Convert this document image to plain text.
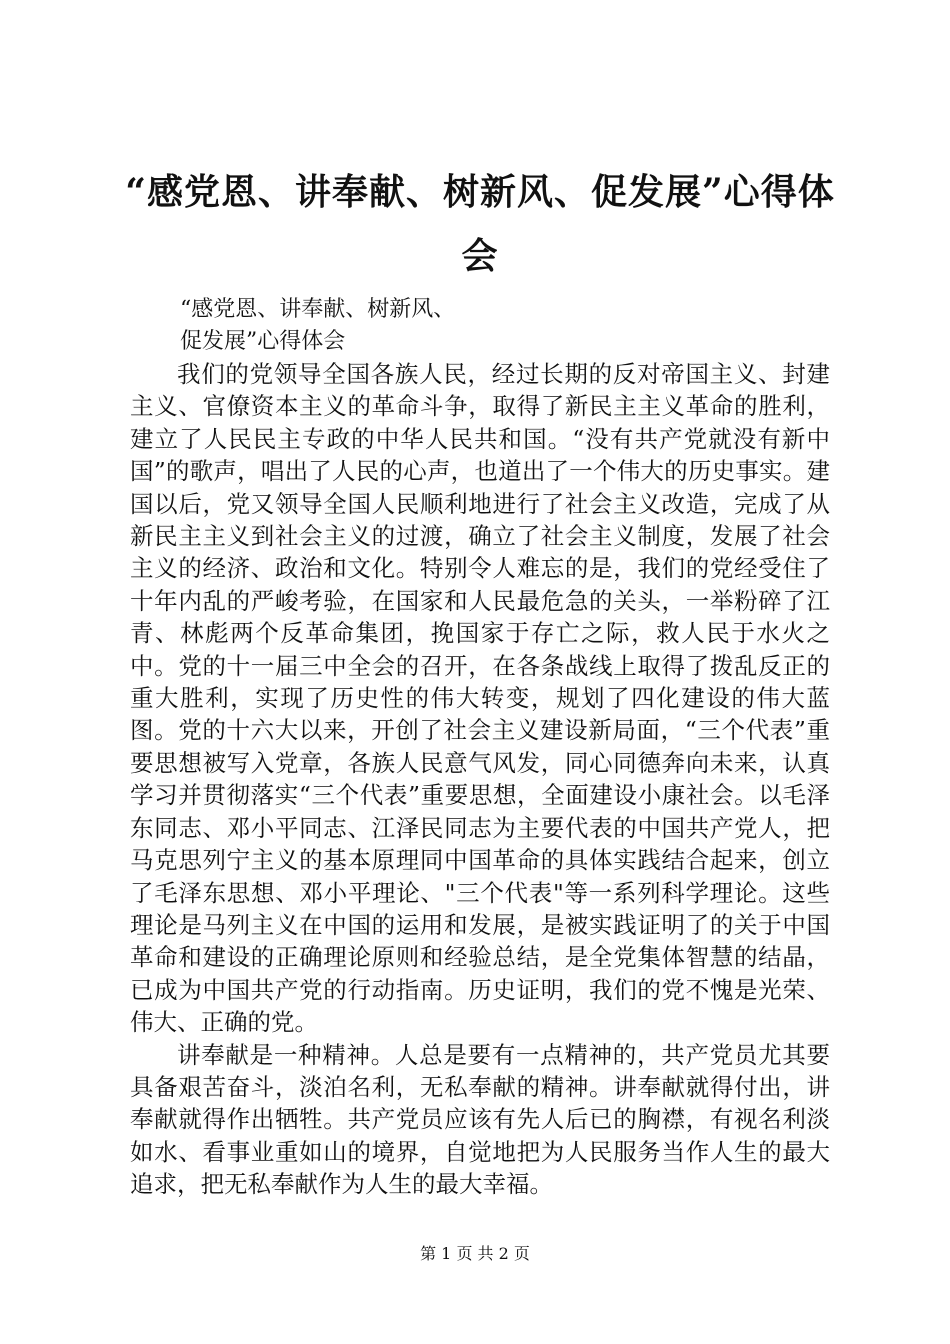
“感党恩、讲奉献、树新风、促发展”心得体会
“感党恩、讲奉献、树新风、
促发展”心得体会

我们的党领导全国各族人民，经过长期的反对帝国主义、封建主义、官僚资本主义的革命斗争，取得了新民主主义革命的胜利，建立了人民民主专政的中华人民共和国。“没有共产党就没有新中国”的歌声，唱出了人民的心声，也道出了一个伟大的历史事实。建国以后，党又领导全国人民顺利地进行了社会主义改造，完成了从新民主主义到社会主义的过渡，确立了社会主义制度，发展了社会主义的经济、政治和文化。特别令人难忘的是，我们的党经受住了十年内乱的严峻考验，在国家和人民最危急的关头，一举粉碎了江青、林彪两个反革命集团，挽国家于存亡之际，救人民于水火之中。党的十一届三中全会的召开，在各条战线上取得了拨乱反正的重大胜利，实现了历史性的伟大转变，规划了四化建设的伟大蓝图。党的十六大以来，开创了社会主义建设新局面，“三个代表”重要思想被写入党章，各族人民意气风发，同心同德奔向未来，认真学习并贯彻落实“三个代表”重要思想，全面建设小康社会。以毛泽东同志、邓小平同志、江泽民同志为主要代表的中国共产党人，把马克思列宁主义的基本原理同中国革命的具体实践结合起来，创立了毛泽东思想、邓小平理论、"三个代表"等一系列科学理论。这些理论是马列主义在中国的运用和发展，是被实践证明了的关于中国革命和建设的正确理论原则和经验总结，是全党集体智慧的结晶，已成为中国共产党的行动指南。历史证明，我们的党不愧是光荣、伟大、正确的党。

讲奉献是一种精神。人总是要有一点精神的，共产党员尤其要具备艰苦奋斗，淡泊名利，无私奉献的精神。讲奉献就得付出，讲奉献就得作出牺牲。共产党员应该有先人后已的胸襟，有视名利淡如水、看事业重如山的境界，自觉地把为人民服务当作人生的最大追求，把无私奉献作为人生的最大幸福。

第 1 页 共 2 页
